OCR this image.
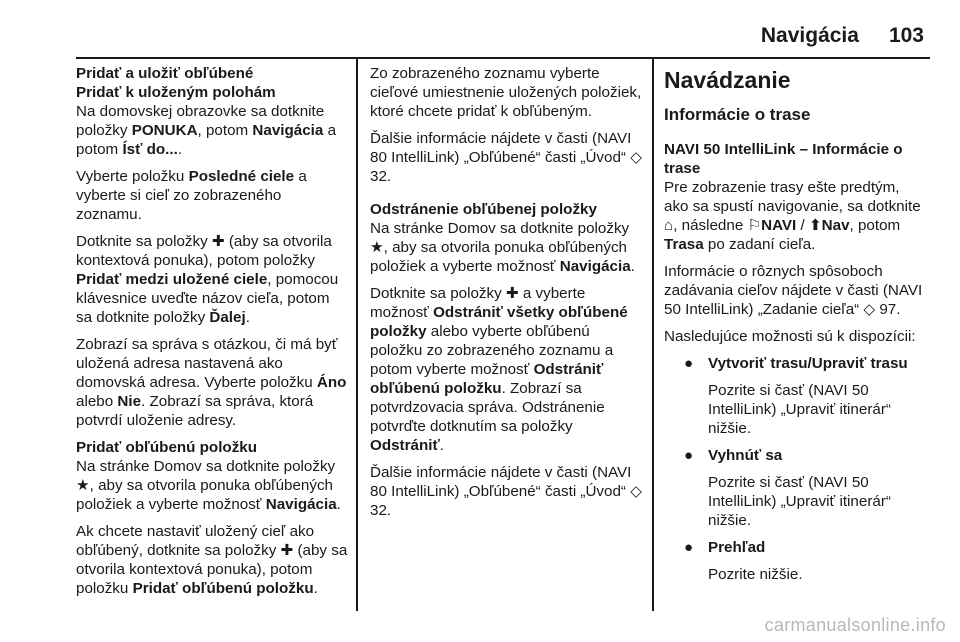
Navigácia 103

Pridať a uložiť obľúbené

Pridať k uloženým polohám

Na domovskej obrazovke sa dotknite položky PONUKA, potom Navigácia a potom Ísť do....

Vyberte položku Posledné ciele a vyberte si cieľ zo zobrazeného zoznamu.

Dotknite sa položky ✚ (aby sa otvorila kontextová ponuka), potom položky Pridať medzi uložené ciele, pomocou klávesnice uveďte názov cieľa, potom sa dotknite položky Ďalej.

Zobrazí sa správa s otázkou, či má byť uložená adresa nastavená ako domovská adresa. Vyberte položku Áno alebo Nie. Zobrazí sa správa, ktorá potvrdí uloženie adresy.

Pridať obľúbenú položku

Na stránke Domov sa dotknite položky ★, aby sa otvorila ponuka obľúbených položiek a vyberte možnosť Navigácia.

Ak chcete nastaviť uložený cieľ ako obľúbený, dotknite sa položky ✚ (aby sa otvorila kontextová ponuka), potom položku Pridať obľúbenú položku.

Zo zobrazeného zoznamu vyberte cieľové umiestnenie uložených položiek, ktoré chcete pridať k obľúbeným.

Ďalšie informácie nájdete v časti (NAVI 80 IntelliLink) „Obľúbené“ časti „Úvod“ ◇ 32.

Odstránenie obľúbenej položky

Na stránke Domov sa dotknite položky ★, aby sa otvorila ponuka obľúbených položiek a vyberte možnosť Navigácia.

Dotknite sa položky ✚ a vyberte možnosť Odstrániť všetky obľúbené položky alebo vyberte obľúbenú položku zo zobrazeného zoznamu a potom vyberte možnosť Odstrániť obľúbenú položku. Zobrazí sa potvrdzovacia správa. Odstránenie potvrďte dotknutím sa položky Odstrániť.

Ďalšie informácie nájdete v časti (NAVI 80 IntelliLink) „Obľúbené“ časti „Úvod“ ◇ 32.

Navádzanie
Informácie o trase

NAVI 50 IntelliLink – Informácie o trase

Pre zobrazenie trasy ešte predtým, ako sa spustí navigovanie, sa dotknite ⌂, následne ⚐NAVI / ⬆Nav, potom Trasa po zadaní cieľa.

Informácie o rôznych spôsoboch zadávania cieľov nájdete v časti (NAVI 50 IntelliLink) „Zadanie cieľa“ ◇ 97.

Nasledujúce možnosti sú k dispozícii:

● Vytvoriť trasu/Upraviť trasu
Pozrite si časť (NAVI 50 IntelliLink) „Upraviť itinerár“ nižšie.
● Vyhnúť sa
Pozrite si časť (NAVI 50 IntelliLink) „Upraviť itinerár“ nižšie.
● Prehľad
Pozrite nižšie.
carmanualsonline.info
